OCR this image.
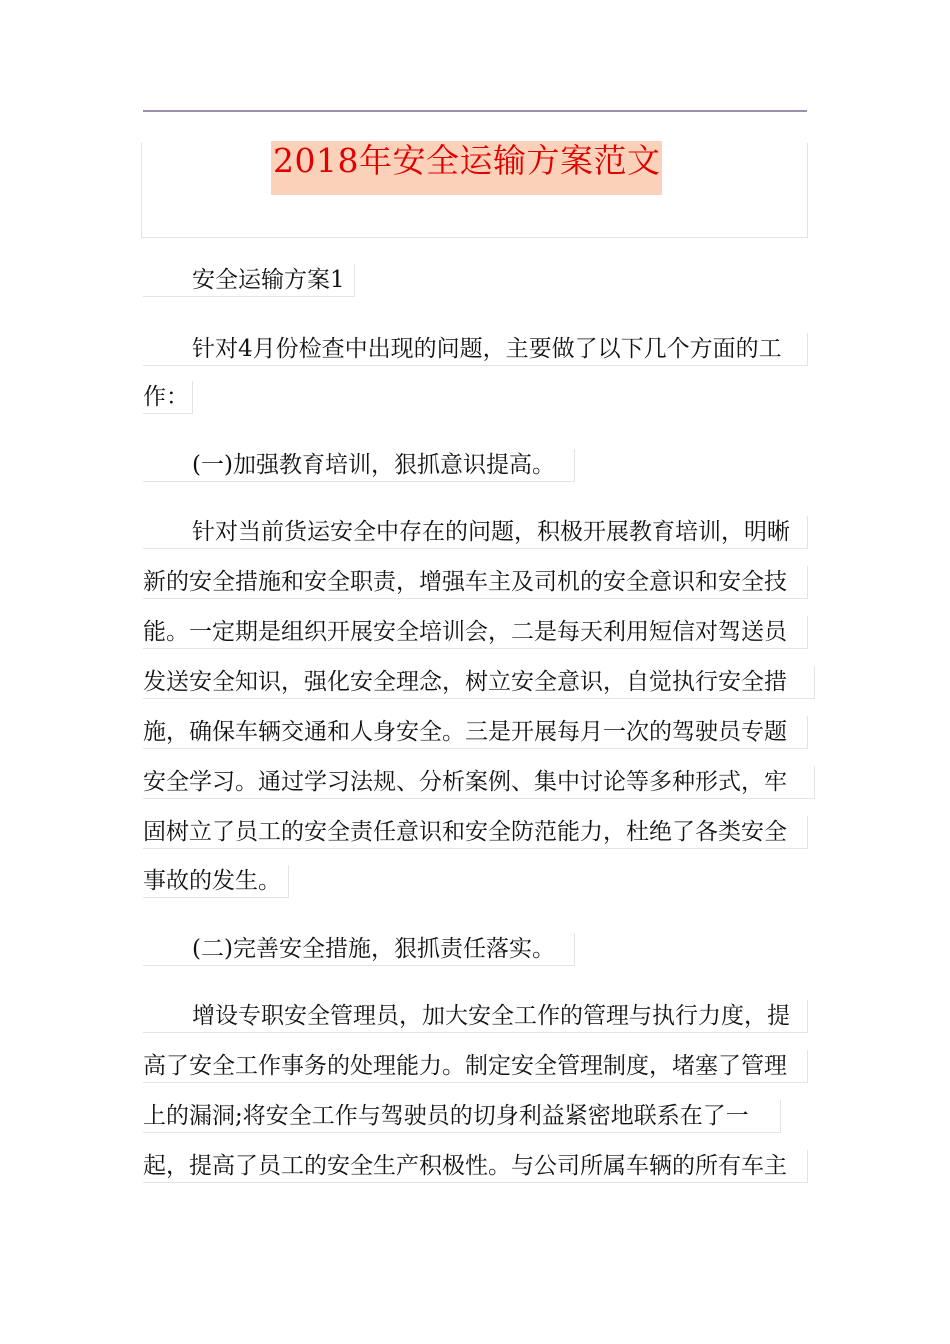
2018年安全运输方案范文
安全运输方案1
针对4月份检查中出现的问题，主要做了以下几个方面的工
作：
(一)加强教育培训，狠抓意识提高。
针对当前货运安全中存在的问题，积极开展教育培训，明晰
新的安全措施和安全职责，增强车主及司机的安全意识和安全技
能。一定期是组织开展安全培训会，二是每天利用短信对驾送员
发送安全知识，强化安全理念，树立安全意识，自觉执行安全措
施，确保车辆交通和人身安全。三是开展每月一次的驾驶员专题
安全学习。通过学习法规、分析案例、集中讨论等多种形式，牢
固树立了员工的安全责任意识和安全防范能力，杜绝了各类安全
事故的发生。
(二)完善安全措施，狠抓责任落实。
增设专职安全管理员，加大安全工作的管理与执行力度，提
高了安全工作事务的处理能力。制定安全管理制度，堵塞了管理
上的漏洞;将安全工作与驾驶员的切身利益紧密地联系在了一
起，提高了员工的安全生产积极性。与公司所属车辆的所有车主
